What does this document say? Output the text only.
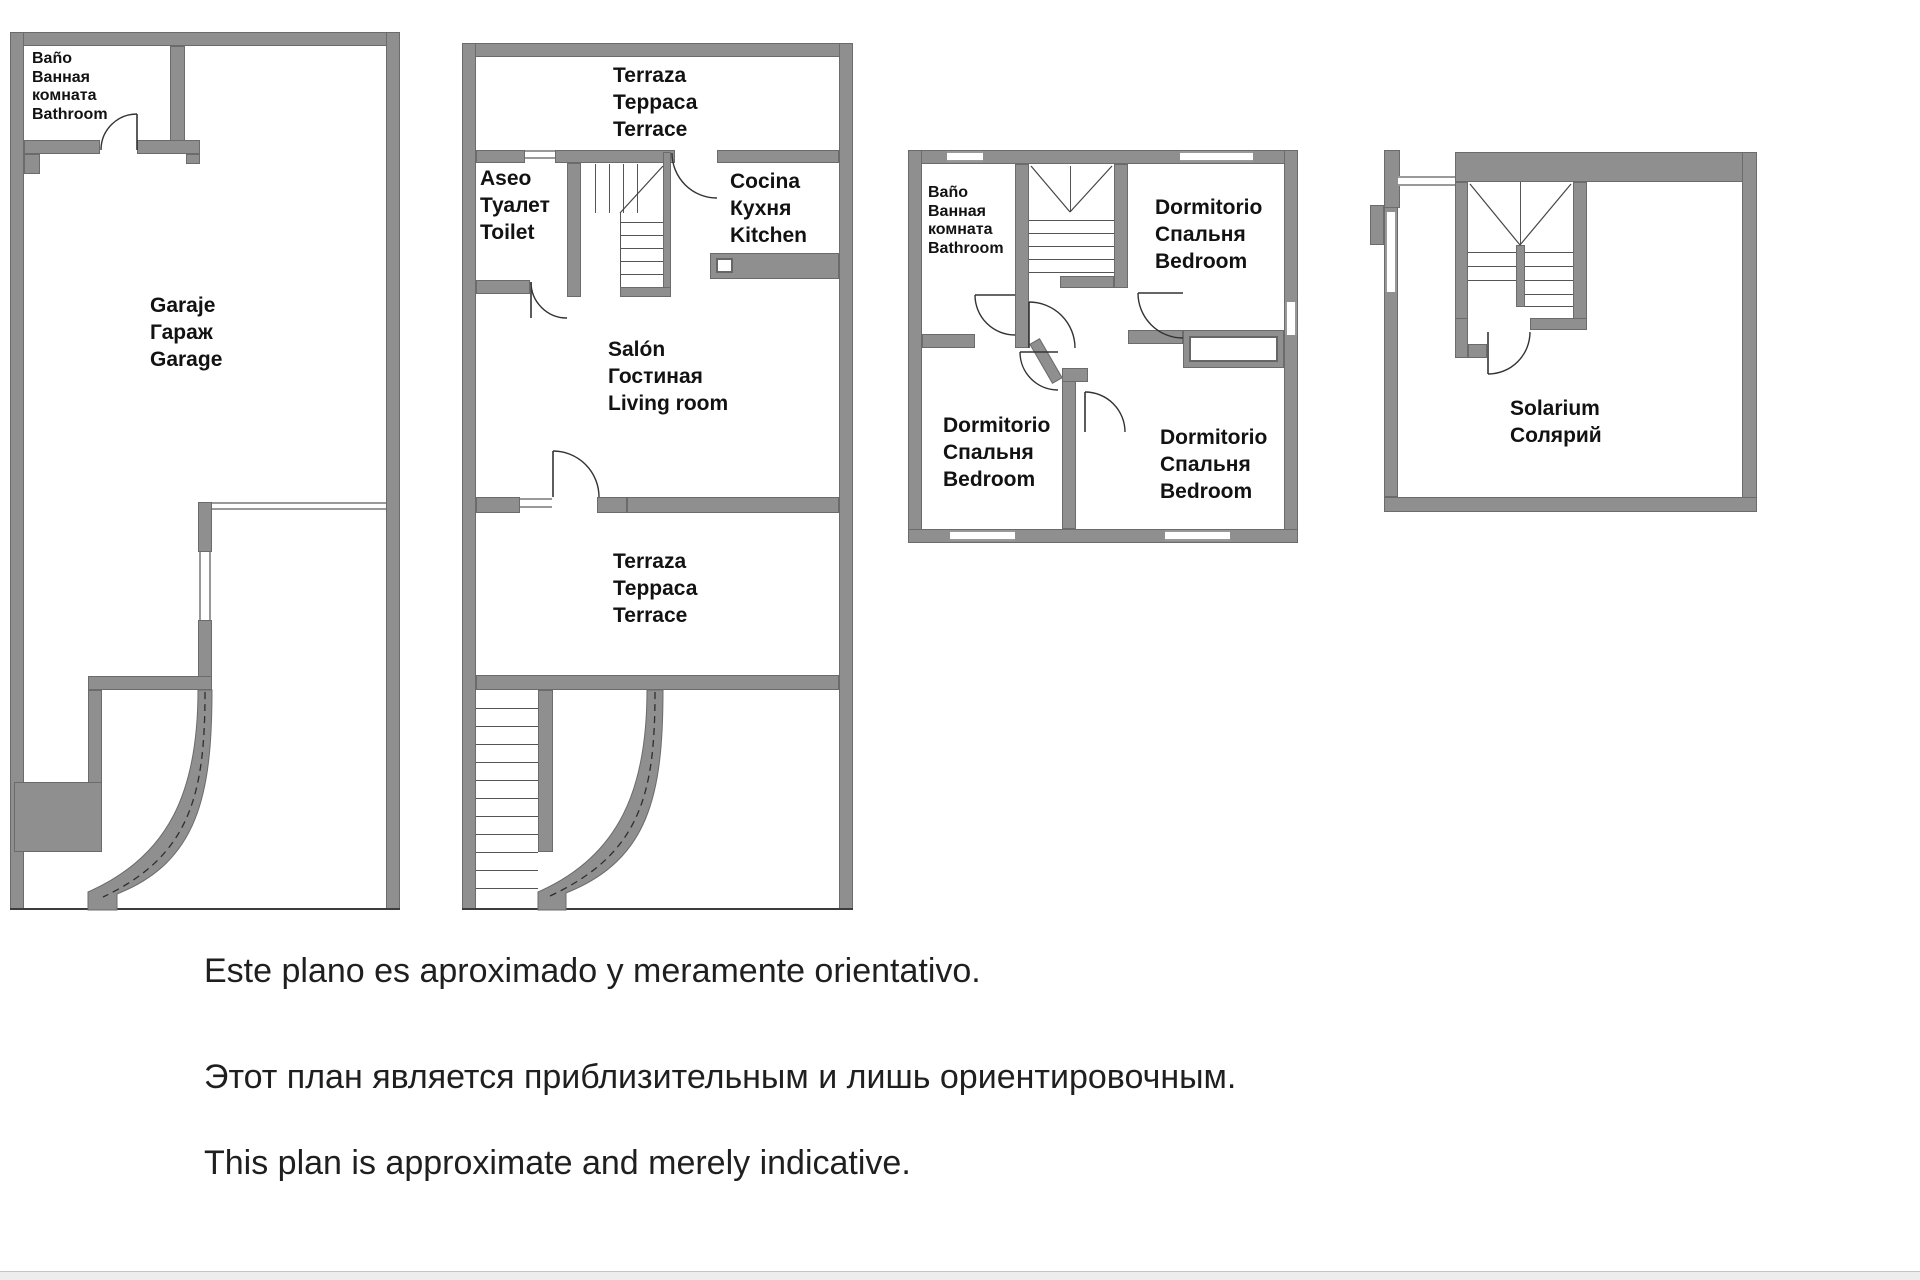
Baño
Ванная
комната
Bathroom
Garaje
Гараж
Garage
Terraza
Терраса
Terrace
Aseo
Туалет
Toilet
Cocina
Кухня
Kitchen
Salón
Гостиная
Living room
Terraza
Терраса
Terrace
Baño
Ванная
комната
Bathroom
Dormitorio
Спальня
Bedroom
Dormitorio
Спальня
Bedroom
Dormitorio
Спальня
Bedroom
Solarium
Солярий
Este plano es aproximado y meramente orientativo.
Этот план является приблизительным и лишь ориентировочным.
This plan is approximate and merely indicative.
